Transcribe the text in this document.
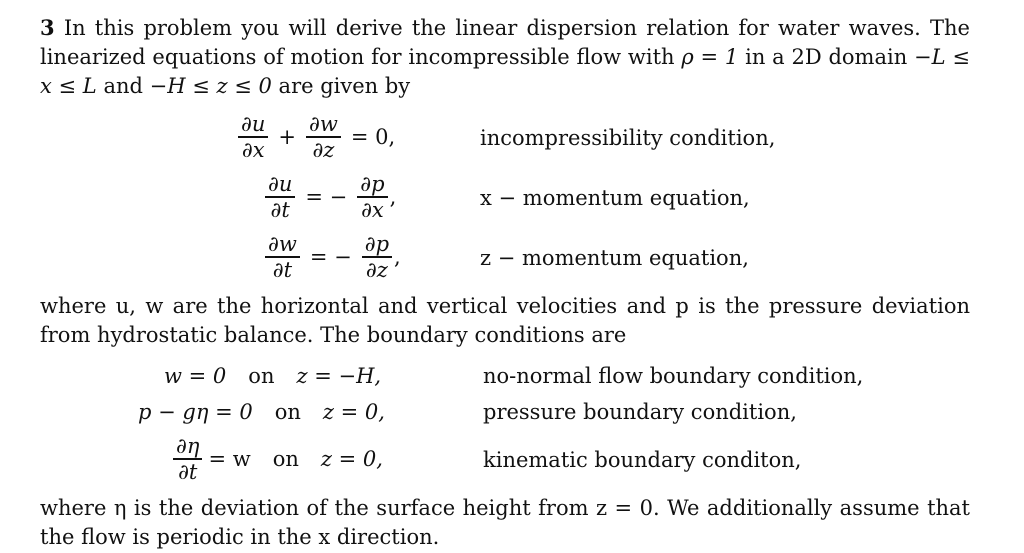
3 In this problem you will derive the linear dispersion relation for water waves. The linearized equations of motion for incompressible flow with ρ = 1 in a 2D domain −L ≤ x ≤ L and −H ≤ z ≤ 0 are given by
$\frac{\partial u}{\partial x} + \frac{\partial w}{\partial z} = 0$,	incompressibility condition,
$\frac{\partial u}{\partial t}$ = − $\frac{\partial p}{\partial x}$ ,	x − momentum equation,
$\frac{\partial w}{\partial t}$ = − $\frac{\partial p}{\partial z}$ ,	z − momentum equation,
where u, w are the horizontal and vertical velocities and p is the pressure deviation from hydrostatic balance. The boundary conditions are
w = 0 on z = −H,	no-normal flow boundary condition,
p − gη = 0 on z = 0,	pressure boundary condition,
$\frac{\partial\eta}{\partial t} = w$ on z = 0,	kinematic boundary conditon,
where η is the deviation of the surface height from z = 0. We additionally assume that the flow is periodic in the x direction.
